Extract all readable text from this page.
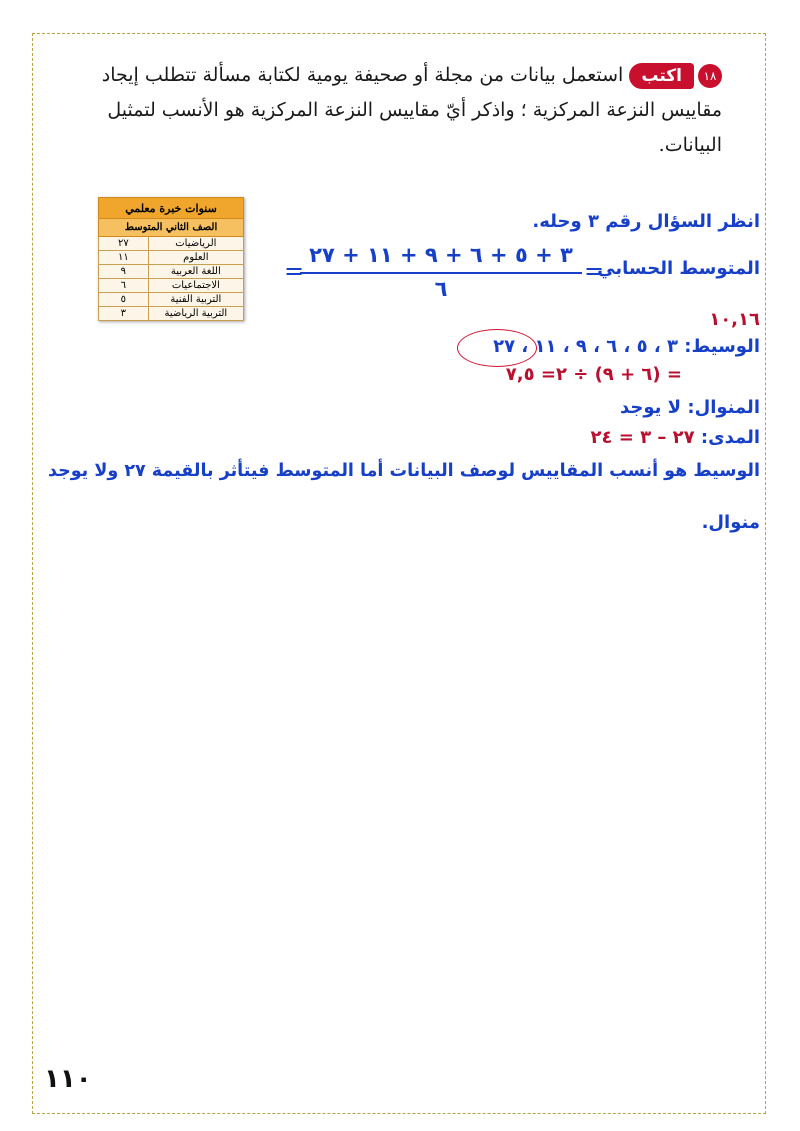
١٨اكتباستعمل بيانات من مجلة أو صحيفة يومية لكتابة مسألة تتطلب إيجاد مقاييس النزعة المركزية ؛ واذكر أيّ مقاييس النزعة المركزية هو الأنسب لتمثيل البيانات.
سنوات خبرة معلمي	
الصف الثاني المتوسط	
الرياضيات	٢٧
العلوم	١١
اللغة العربية	٩
الاجتماعيات	٦
التربية الفنية	٥
التربية الرياضية	٣
انظر السؤال رقم ٣ وحله.
المتوسط الحسابي
=
٣ + ٥ + ٦ + ٩ + ١١ + ٢٧
٦
=
١٠,١٦
الوسيط: ٣ ، ٥ ، ٦ ، ٩ ، ١١ ، ٢٧
= (٦ + ٩) ÷ ٢= ٧,٥
المنوال: لا يوجد
المدى: ٢٧ – ٣ = ٢٤
الوسيط هو أنسب المقاييس لوصف البيانات أما المتوسط فيتأثر بالقيمة ٢٧ ولا يوجد
منوال.
١١٠
